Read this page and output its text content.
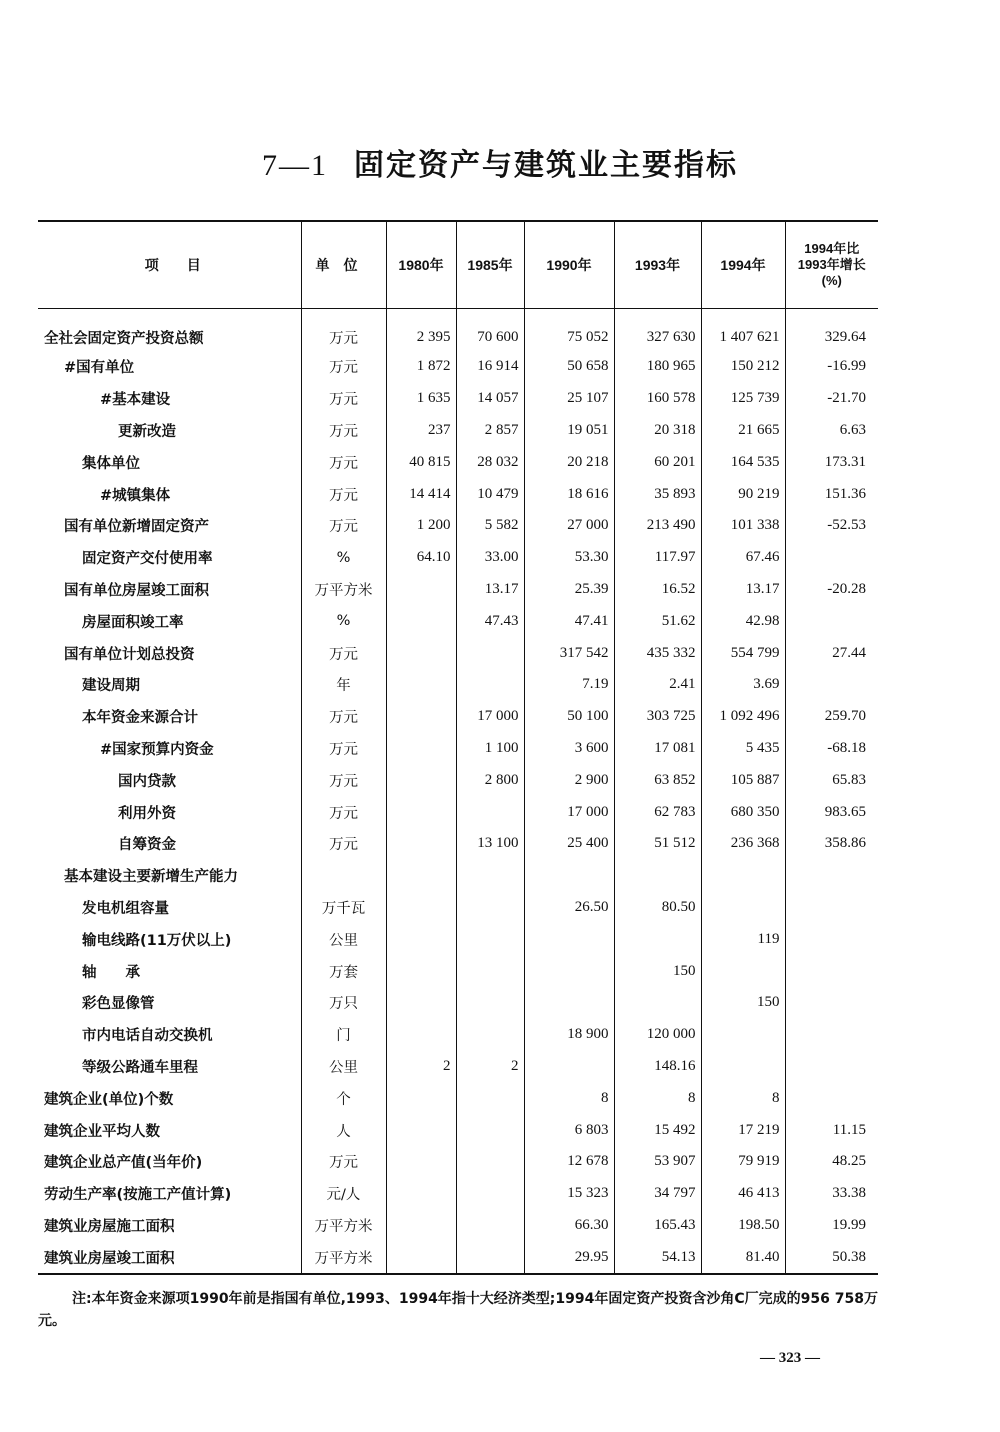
7—1 固定资产与建筑业主要指标
项目	单位	1980年	1985年	1990年	1993年	1994年	1994年比1993年增长(%)
全社会固定资产投资总额	万元	2 395	70 600	75 052	327 630	1 407 621	329.64
#国有单位	万元	1 872	16 914	50 658	180 965	150 212	-16.99
#基本建设	万元	1 635	14 057	25 107	160 578	125 739	-21.70
更新改造	万元	237	2 857	19 051	20 318	21 665	6.63
集体单位	万元	40 815	28 032	20 218	60 201	164 535	173.31
#城镇集体	万元	14 414	10 479	18 616	35 893	90 219	151.36
国有单位新增固定资产	万元	1 200	5 582	27 000	213 490	101 338	-52.53
固定资产交付使用率	%	64.10	33.00	53.30	117.97	67.46	
国有单位房屋竣工面积	万平方米		13.17	25.39	16.52	13.17	-20.28
房屋面积竣工率	%		47.43	47.41	51.62	42.98	
国有单位计划总投资	万元			317 542	435 332	554 799	27.44
建设周期	年			7.19	2.41	3.69	
本年资金来源合计	万元		17 000	50 100	303 725	1 092 496	259.70
#国家预算内资金	万元		1 100	3 600	17 081	5 435	-68.18
国内贷款	万元		2 800	2 900	63 852	105 887	65.83
利用外资	万元			17 000	62 783	680 350	983.65
自筹资金	万元		13 100	25 400	51 512	236 368	358.86
基本建设主要新增生产能力							
发电机组容量	万千瓦			26.50	80.50		
输电线路(11万伏以上)	公里					119	
轴　　承	万套				150		
彩色显像管	万只					150	
市内电话自动交换机	门			18 900	120 000		
等级公路通车里程	公里	2	2		148.16		
建筑企业(单位)个数	个			8	8	8	
建筑企业平均人数	人			6 803	15 492	17 219	11.15
建筑企业总产值(当年价)	万元			12 678	53 907	79 919	48.25
劳动生产率(按施工产值计算)	元/人			15 323	34 797	46 413	33.38
建筑业房屋施工面积	万平方米			66.30	165.43	198.50	19.99
建筑业房屋竣工面积	万平方米			29.95	54.13	81.40	50.38
注:本年资金来源项1990年前是指国有单位,1993、1994年指十大经济类型;1994年固定资产投资含沙角C厂完成的956 758万元。
— 323 —
